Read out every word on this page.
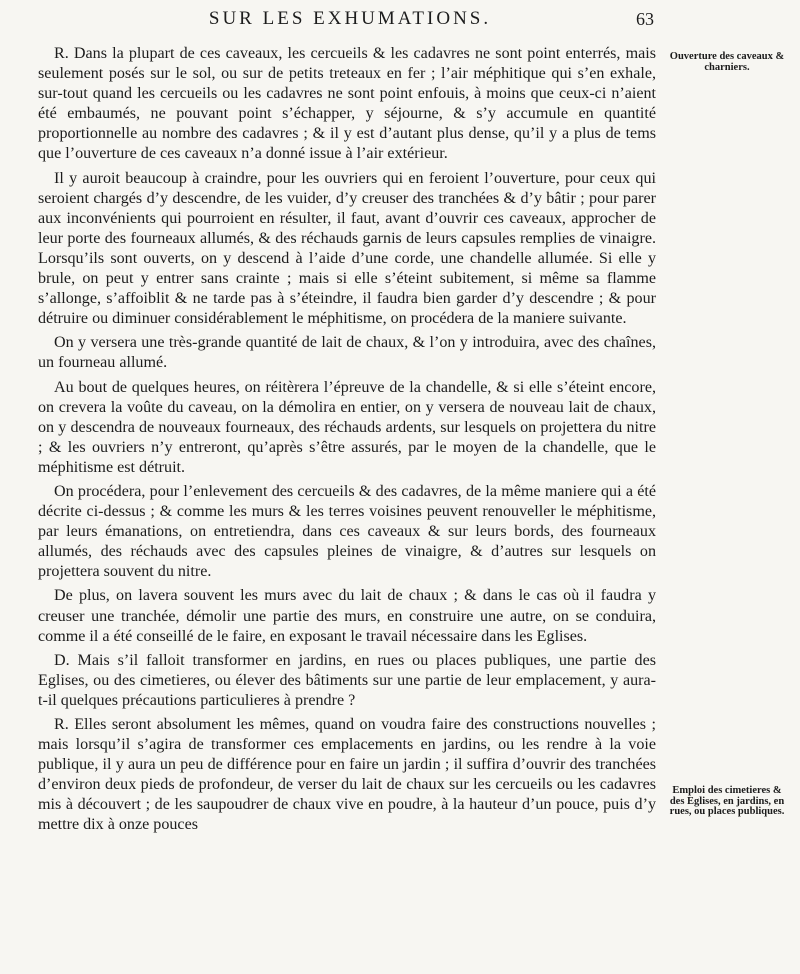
SUR LES EXHUMATIONS.	63

R. Dans la plupart de ces caveaux, les cercueils & les cadavres ne sont point enterrés, mais seulement posés sur le sol, ou sur de petits treteaux en fer ; l’air méphitique qui s’en exhale, sur-tout quand les cercueils ou les cadavres ne sont point enfouis, à moins que ceux-ci n’aient été embaumés, ne pouvant point s’échapper, y séjourne, & s’y accumule en quantité proportionnelle au nombre des cadavres ; & il y est d’autant plus dense, qu’il y a plus de tems que l’ouverture de ces caveaux n’a donné issue à l’air extérieur.

Il y auroit beaucoup à craindre, pour les ouvriers qui en feroient l’ouverture, pour ceux qui seroient chargés d’y descendre, de les vuider, d’y creuser des tranchées & d’y bâtir ; pour parer aux inconvénients qui pourroient en résulter, il faut, avant d’ouvrir ces caveaux, approcher de leur porte des fourneaux allumés, & des réchauds garnis de leurs capsules remplies de vinaigre. Lorsqu’ils sont ouverts, on y descend à l’aide d’une corde, une chandelle allumée. Si elle y brule, on peut y entrer sans crainte ; mais si elle s’éteint subitement, si même sa flamme s’allonge, s’affoiblit & ne tarde pas à s’éteindre, il faudra bien garder d’y descendre ; & pour détruire ou diminuer considérablement le méphitisme, on procédera de la maniere suivante.

On y versera une très-grande quantité de lait de chaux, & l’on y introduira, avec des chaînes, un fourneau allumé.

Au bout de quelques heures, on réitèrera l’épreuve de la chandelle, & si elle s’éteint encore, on crevera la voûte du caveau, on la démolira en entier, on y versera de nouveau lait de chaux, on y descendra de nouveaux fourneaux, des réchauds ardents, sur lesquels on projettera du nitre ; & les ouvriers n’y entreront, qu’après s’être assurés, par le moyen de la chandelle, que le méphitisme est détruit.

On procédera, pour l’enlevement des cercueils & des cadavres, de la même maniere qui a été décrite ci-dessus ; & comme les murs & les terres voisines peuvent renouveller le méphitisme, par leurs émanations, on entretiendra, dans ces caveaux & sur leurs bords, des fourneaux allumés, des réchauds avec des capsules pleines de vinaigre, & d’autres sur lesquels on projettera souvent du nitre.

De plus, on lavera souvent les murs avec du lait de chaux ; & dans le cas où il faudra y creuser une tranchée, démolir une partie des murs, en construire une autre, on se conduira, comme il a été conseillé de le faire, en exposant le travail nécessaire dans les Eglises.

D. Mais s’il falloit transformer en jardins, en rues ou places publiques, une partie des Eglises, ou des cimetieres, ou élever des bâtiments sur une partie de leur emplacement, y aura-t-il quelques précautions particulieres à prendre ?

R. Elles seront absolument les mêmes, quand on voudra faire des constructions nouvelles ; mais lorsqu’il s’agira de transformer ces emplacements en jardins, ou les rendre à la voie publique, il y aura un peu de différence pour en faire un jardin ; il suffira d’ouvrir des tranchées d’environ deux pieds de profondeur, de verser du lait de chaux sur les cercueils ou les cadavres mis à découvert ; de les saupoudrer de chaux vive en poudre, à la hauteur d’un pouce, puis d’y mettre dix à onze pouces

Ouverture des caveaux & charniers.
Emploi des cimetieres & des Eglises, en jardins, en rues, ou places publiques.
